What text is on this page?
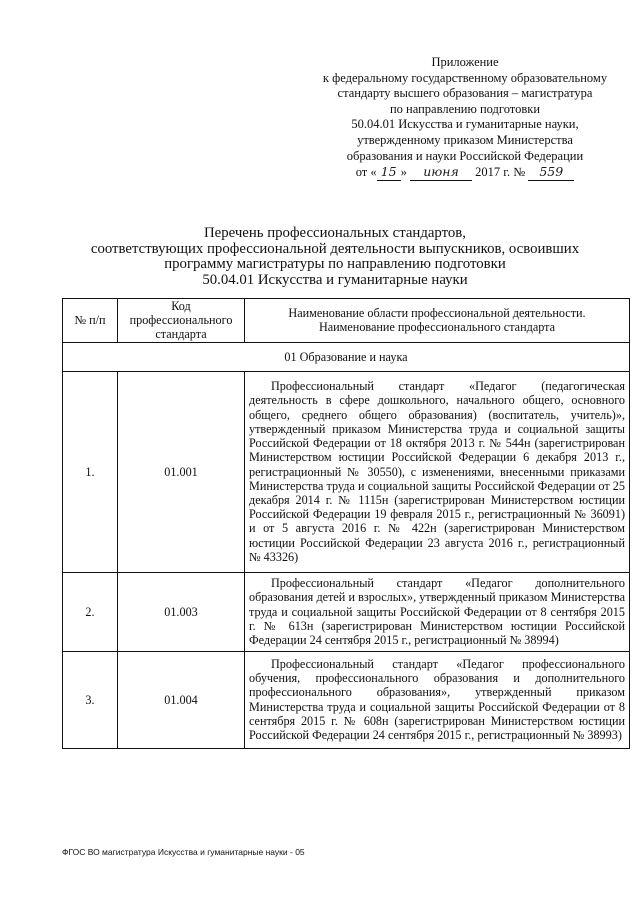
Приложение
к федеральному государственному образовательному
стандарту высшего образования – магистратура
по направлению подготовки
50.04.01 Искусства и гуманитарные науки,
утвержденному приказом Министерства
образования и науки Российской Федерации
от « 15 » июня 2017 г. № 559
Перечень профессиональных стандартов,
соответствующих профессиональной деятельности выпускников, освоивших
программу магистратуры по направлению подготовки
50.04.01 Искусства и гуманитарные науки
№ п/п	Код профессионального стандарта	Наименование области профессиональной деятельности. Наименование профессионального стандарта
01 Образование и наука		
1.	01.001	Профессиональный стандарт «Педагог (педагогическая деятельность в сфере дошкольного, начального общего, основного общего, среднего общего образования) (воспитатель, учитель)», утвержденный приказом Министерства труда и социальной защиты Российской Федерации от 18 октября 2013 г. № 544н (зарегистрирован Министерством юстиции Российской Федерации 6 декабря 2013 г., регистрационный № 30550), с изменениями, внесенными приказами Министерства труда и социальной защиты Российской Федерации от 25 декабря 2014 г. № 1115н (зарегистрирован Министерством юстиции Российской Федерации 19 февраля 2015 г., регистрационный № 36091) и от 5 августа 2016 г. № 422н (зарегистрирован Министерством юстиции Российской Федерации 23 августа 2016 г., регистрационный № 43326)

2.	01.003	Профессиональный стандарт «Педагог дополнительного образования детей и взрослых», утвержденный приказом Министерства труда и социальной защиты Российской Федерации от 8 сентября 2015 г. № 613н (зарегистрирован Министерством юстиции Российской Федерации 24 сентября 2015 г., регистрационный № 38994)

3.	01.004	Профессиональный стандарт «Педагог профессионального обучения, профессионального образования и дополнительного профессионального образования», утвержденный приказом Министерства труда и социальной защиты Российской Федерации от 8 сентября 2015 г. № 608н (зарегистрирован Министерством юстиции Российской Федерации 24 сентября 2015 г., регистрационный № 38993)

ФГОС ВО магистратура Искусства и гуманитарные науки - 05
